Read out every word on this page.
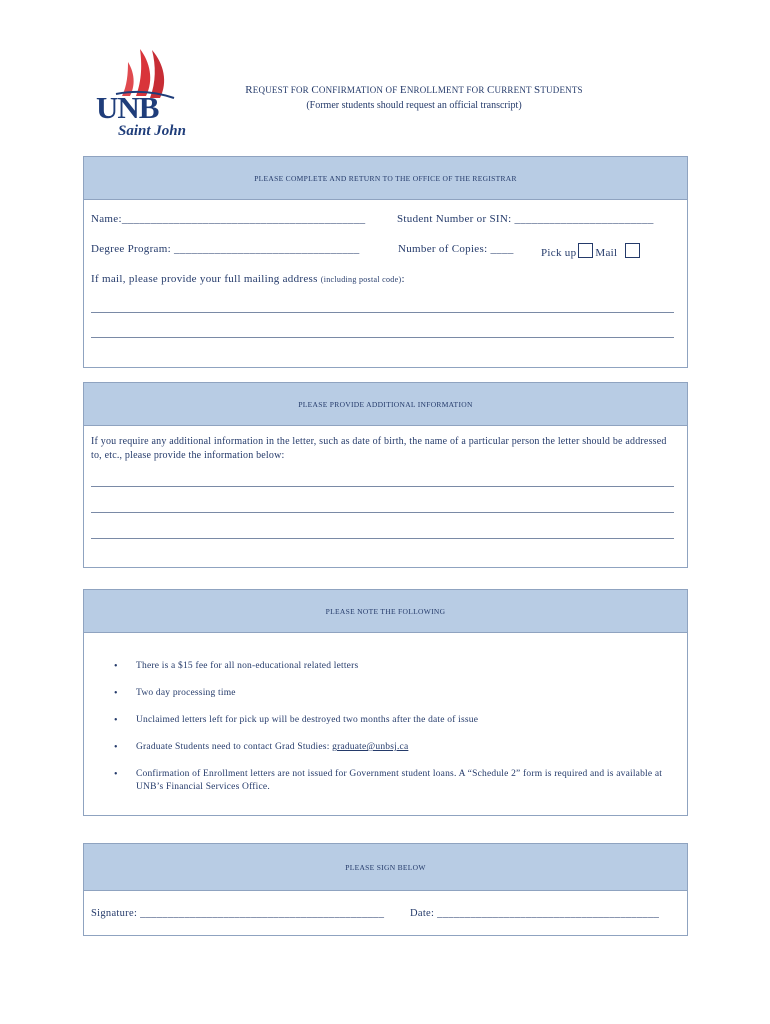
UNB
Saint John
REQUEST FOR CONFIRMATION OF ENROLLMENT FOR CURRENT STUDENTS
(Former students should request an official transcript)
PLEASE COMPLETE AND RETURN TO THE OFFICE OF THE REGISTRAR
Name:__________________________________________	Student Number or SIN: ________________________
Degree Program: ________________________________	Number of Copies: ____ Pick up Mail
If mail, please provide your full mailing address (including postal code):
PLEASE PROVIDE ADDITIONAL INFORMATION
If you require any additional information in the letter, such as date of birth, the name of a particular person the letter should be addressed to, etc., please provide the information below:
PLEASE NOTE THE FOLLOWING
• There is a $15 fee for all non-educational related letters
• Two day processing time
• Unclaimed letters left for pick up will be destroyed two months after the date of issue
• Graduate Students need to contact Grad Studies: graduate@unbsj.ca
• Confirmation of Enrollment letters are not issued for Government student loans. A “Schedule 2” form is required and is available at UNB’s Financial Services Office.
PLEASE SIGN BELOW
Signature: ____________________________________________ Date: ________________________________________
